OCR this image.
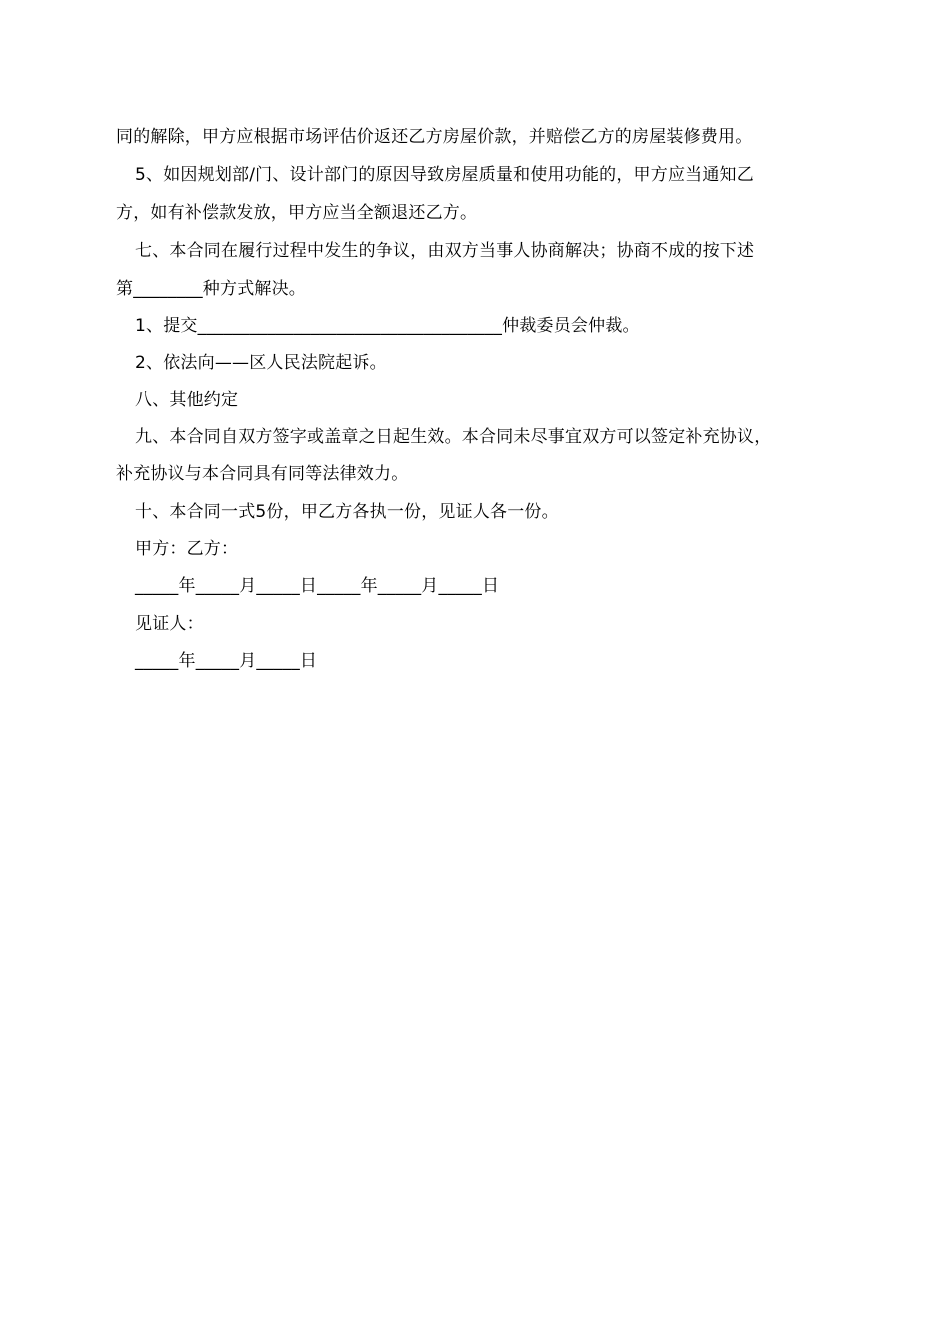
同的解除，甲方应根据市场评估价返还乙方房屋价款，并赔偿乙方的房屋装修费用。
5、如因规划部/门、设计部门的原因导致房屋质量和使用功能的，甲方应当通知乙
方，如有补偿款发放，甲方应当全额退还乙方。
七、本合同在履行过程中发生的争议，由双方当事人协商解决；协商不成的按下述
第________种方式解决。
1、提交___________________________________仲裁委员会仲裁。
2、依法向——区人民法院起诉。
八、其他约定
九、本合同自双方签字或盖章之日起生效。本合同未尽事宜双方可以签定补充协议，
补充协议与本合同具有同等法律效力。
十、本合同一式5份，甲乙方各执一份，见证人各一份。
甲方：乙方：
_____年_____月_____日_____年_____月_____日
见证人：
_____年_____月_____日
